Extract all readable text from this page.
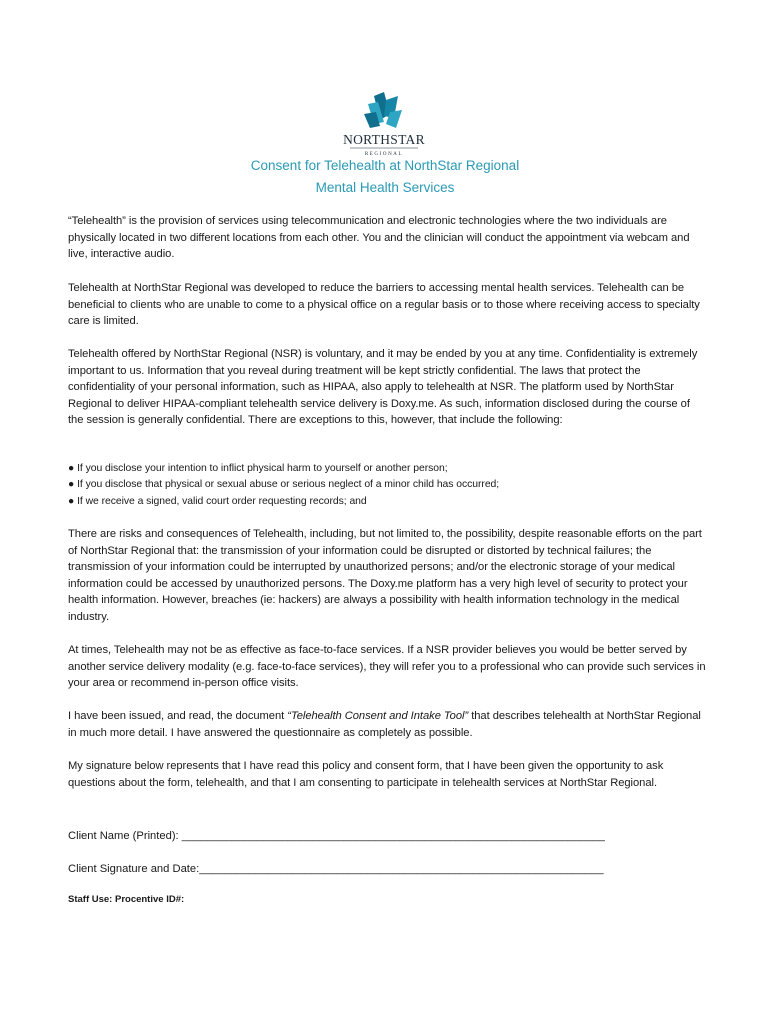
NORTHSTAR
REGIONAL
Consent for Telehealth at NorthStar Regional
Mental Health Services

“Telehealth” is the provision of services using telecommunication and electronic technologies where the two individuals are physically located in two different locations from each other. You and the clinician will conduct the appointment via webcam and live, interactive audio.

Telehealth at NorthStar Regional was developed to reduce the barriers to accessing mental health services. Telehealth can be beneficial to clients who are unable to come to a physical office on a regular basis or to those where receiving access to specialty care is limited.

Telehealth offered by NorthStar Regional (NSR) is voluntary, and it may be ended by you at any time. Confidentiality is extremely important to us. Information that you reveal during treatment will be kept strictly confidential. The laws that protect the confidentiality of your personal information, such as HIPAA, also apply to telehealth at NSR. The platform used by NorthStar Regional to deliver HIPAA-compliant telehealth service delivery is Doxy.me. As such, information disclosed during the course of the session is generally confidential. There are exceptions to this, however, that include the following:

● If you disclose your intention to inflict physical harm to yourself or another person;
● If you disclose that physical or sexual abuse or serious neglect of a minor child has occurred;
● If we receive a signed, valid court order requesting records; and

There are risks and consequences of Telehealth, including, but not limited to, the possibility, despite reasonable efforts on the part of NorthStar Regional that: the transmission of your information could be disrupted or distorted by technical failures; the transmission of your information could be interrupted by unauthorized persons; and/or the electronic storage of your medical information could be accessed by unauthorized persons. The Doxy.me platform has a very high level of security to protect your health information. However, breaches (ie: hackers) are always a possibility with health information technology in the medical industry.

At times, Telehealth may not be as effective as face-to-face services. If a NSR provider believes you would be better served by another service delivery modality (e.g. face-to-face services), they will refer you to a professional who can provide such services in your area or recommend in-person office visits.

I have been issued, and read, the document “Telehealth Consent and Intake Tool” that describes telehealth at NorthStar Regional in much more detail. I have answered the questionnaire as completely as possible.

My signature below represents that I have read this policy and consent form, that I have been given the opportunity to ask questions about the form, telehealth, and that I am consenting to participate in telehealth services at NorthStar Regional.

Client Name (Printed): ____________________________________________________________________
Client Signature and Date:_________________________________________________________________
Staff Use: Procentive ID#:
